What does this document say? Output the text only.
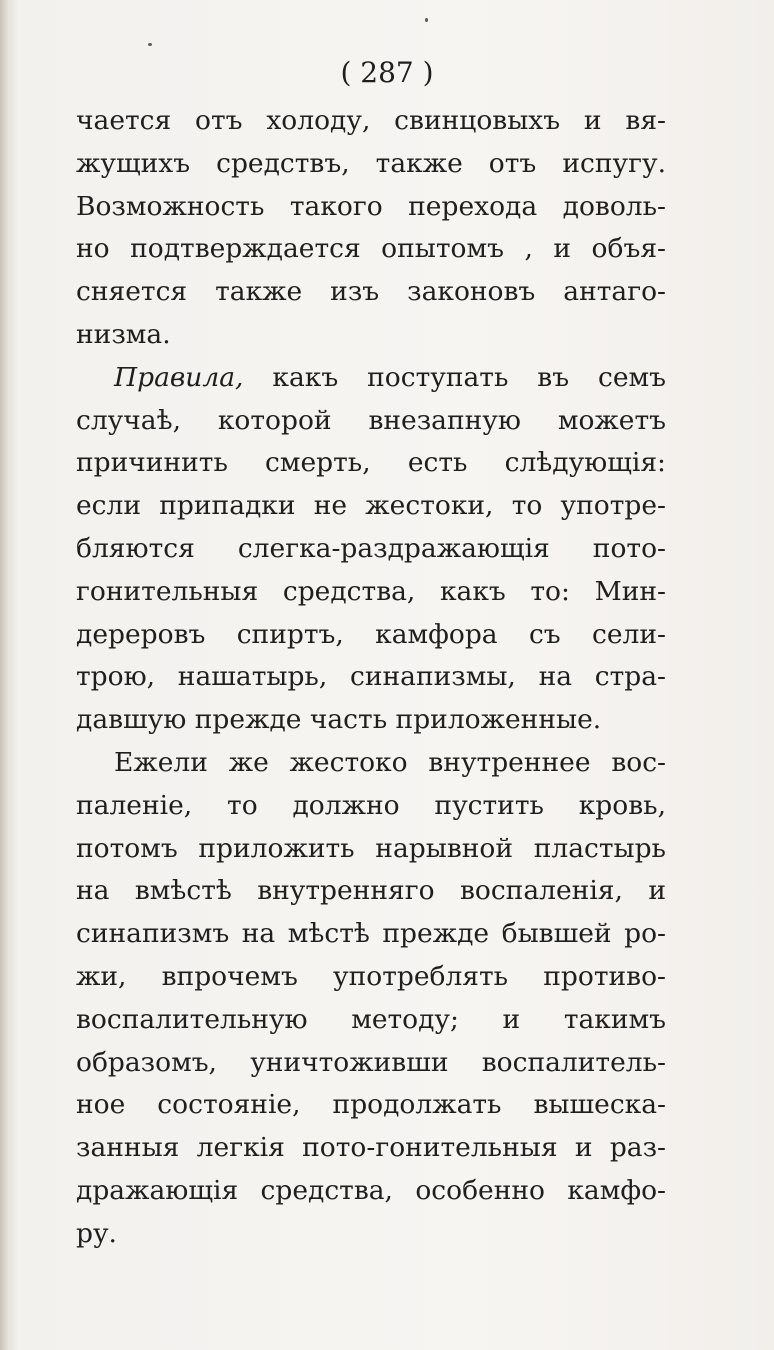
( 287 )
чается отъ холоду, свинцовыхъ и вя-
жущихъ средствъ, также отъ испугу.
Возможность такого перехода доволь-
но подтверждается опытомъ , и объя-
сняется также изъ законовъ антаго-
низма.
Правила, какъ поступать въ семъ
случаѣ, которой внезапную можетъ
причинить смерть, есть слѣдующія:
если припадки не жестоки, то употре-
бляются слегка-раздражающія пото-
гонительныя средства, какъ то: Мин-
дереровъ спиртъ, камфора съ сели-
трою, нашатырь, синапизмы, на стра-
давшую прежде часть приложенные.
Ежели же жестоко внутреннее вос-
паленіе, то должно пустить кровь,
потомъ приложить нарывной пластырь
на вмѣстѣ внутренняго воспаленія, и
синапизмъ на мѣстѣ прежде бывшей ро-
жи, впрочемъ употреблять противо-
воспалительную методу; и такимъ
образомъ, уничтоживши воспалитель-
ное состояніе, продолжать вышеска-
занныя легкія пото-гонительныя и раз-
дражающія средства, особенно камфо-
ру.
